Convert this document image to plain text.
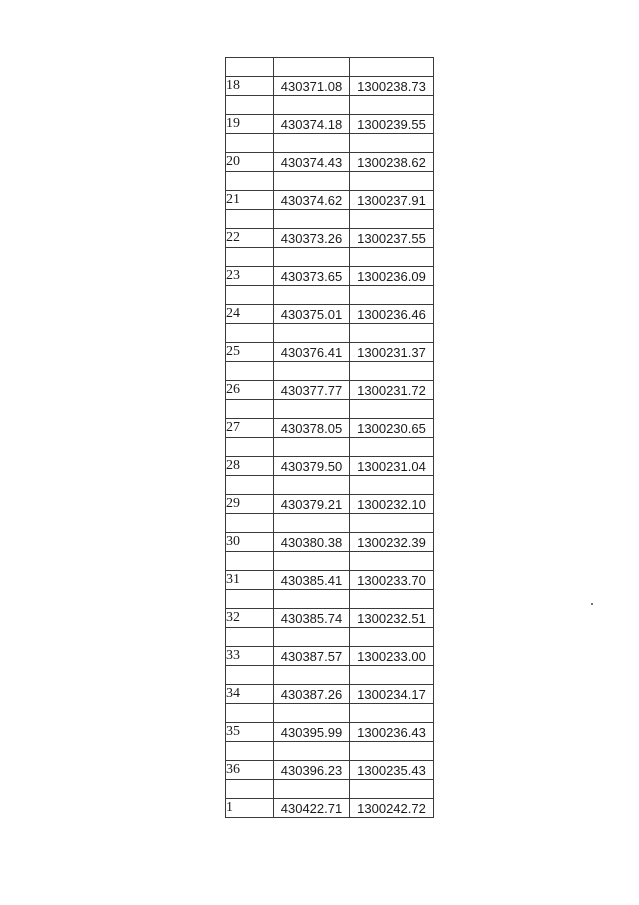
18	430371.08	1300238.73

19	430374.18	1300239.55

20	430374.43	1300238.62

21	430374.62	1300237.91

22	430373.26	1300237.55

23	430373.65	1300236.09

24	430375.01	1300236.46

25	430376.41	1300231.37

26	430377.77	1300231.72

27	430378.05	1300230.65

28	430379.50	1300231.04

29	430379.21	1300232.10

30	430380.38	1300232.39

31	430385.41	1300233.70

32	430385.74	1300232.51

33	430387.57	1300233.00

34	430387.26	1300234.17

35	430395.99	1300236.43

36	430396.23	1300235.43

1	430422.71	1300242.72
